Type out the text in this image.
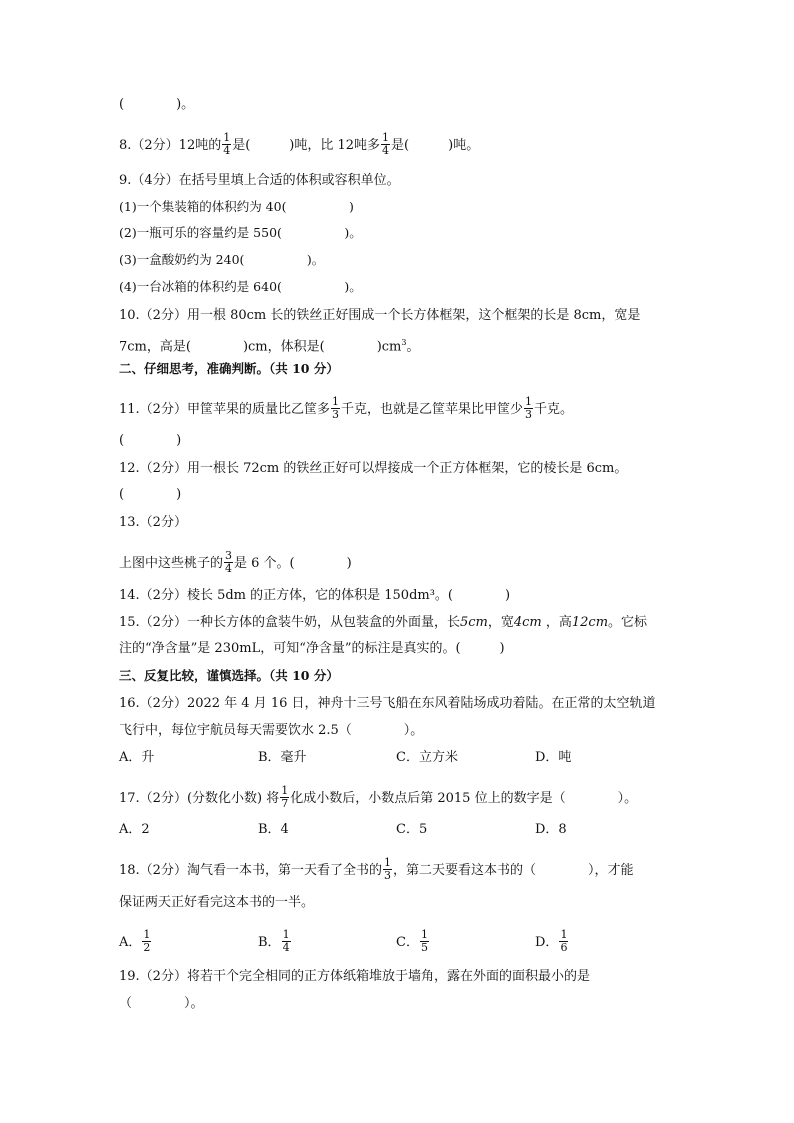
(　　　　)。
8.（2分）12吨的 $\frac{1}{4}$ 是(　　　)吨，比 12吨多 $\frac{1}{4}$ 是(　　　)吨。
9.（4分）在括号里填上合适的体积或容积单位。
(1)一个集装箱的体积约为 40(　　　　　)
(2)一瓶可乐的容量约是 550(　　　　　)。
(3)一盒酸奶约为 240(　　　　　)。
(4)一台冰箱的体积约是 640(　　　　　)。
10.（2分）用一根 80cm 长的铁丝正好围成一个长方体框架，这个框架的长是 8cm，宽是
7cm，高是(　　　　)cm，体积是(　　　　)$cm^3$。
二、仔细思考，准确判断。（共 10 分）
11.（2分）甲筐苹果的质量比乙筐多 $\frac{1}{3}$ 千克，也就是乙筐苹果比甲筐少 $\frac{1}{3}$ 千克。
(　　　　)
12.（2分）用一根长 72cm 的铁丝正好可以焊接成一个正方体框架，它的棱长是 6cm。
(　　　　)
13.（2分）
上图中这些桃子的 $\frac{3}{4}$ 是 6 个。(　　　　)
14.（2分）棱长 5dm 的正方体，它的体积是 150dm³。(　　　　)
15.（2分）一种长方体的盒装牛奶，从包装盒的外面量，长5cm，宽4cm ，高12cm。它标
注的“净含量”是 230mL，可知“净含量”的标注是真实的。(　　　)
三、反复比较，谨慎选择。（共 10 分）
16.（2分）2022 年 4 月 16 日，神舟十三号飞船在东风着陆场成功着陆。在正常的太空轨道
飞行中，每位宇航员每天需要饮水 2.5（　　　　）。
A．升	B．毫升	C．立方米	D．吨
17.（2分）(分数化小数) 将 $\frac{1}{7}$ 化成小数后，小数点后第 2015 位上的数字是（　　　　）。
A．2	B．4	C．5	D．8
18.（2分）淘气看一本书，第一天看了全书的 $\frac{1}{3}$ ，第二天要看这本书的（　　　　），才能
保证两天正好看完这本书的一半。
A． $\frac{1}{2}$	B． $\frac{1}{4}$	C． $\frac{1}{5}$	D． $\frac{1}{6}$
19.（2分）将若干个完全相同的正方体纸箱堆放于墙角，露在外面的面积最小的是
（　　　　）。
